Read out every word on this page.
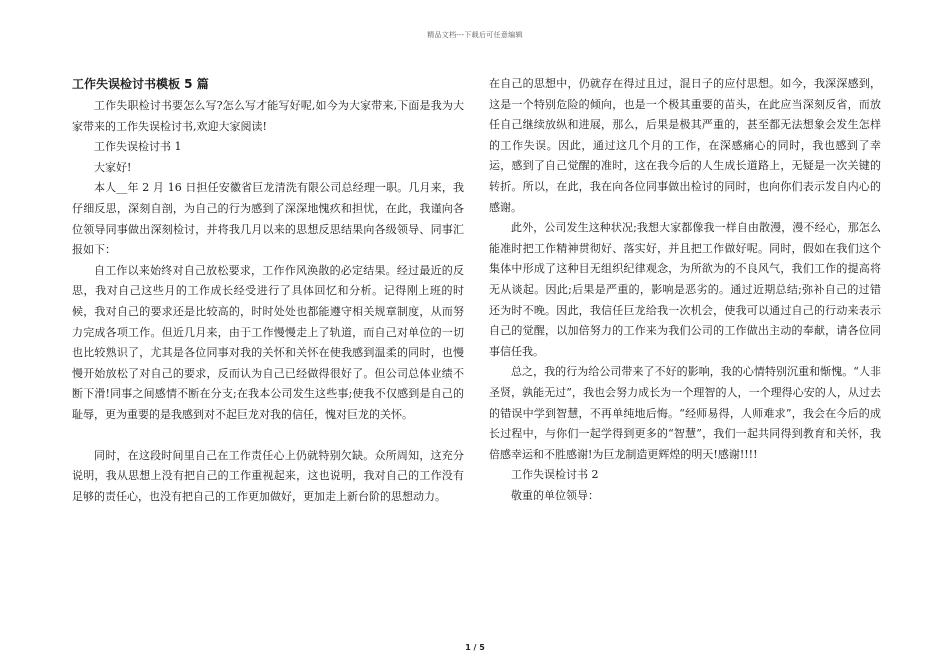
精品文档---下载后可任意编辑
工作失误检讨书模板 5 篇

工作失职检讨书要怎么写?怎么写才能写好呢,如今为大家带来,下面是我为大家带来的工作失误检讨书,欢迎大家阅读!

工作失误检讨书 1

大家好!

本人__年 2 月 16 日担任安徽省巨龙清洗有限公司总经理一职。几月来，我仔细反思，深刻自剖，为自己的行为感到了深深地愧疚和担忧，在此，我谨向各位领导同事做出深刻检讨，并将我几月以来的思想反思结果向各级领导、同事汇报如下：

自工作以来始终对自己放松要求，工作作风涣散的必定结果。经过最近的反思，我对自己这些月的工作成长经受进行了具体回忆和分析。记得刚上班的时候，我对自己的要求还是比较高的，时时处处也都能遵守相关规章制度，从而努力完成各项工作。但近几月来，由于工作慢慢走上了轨道，而自己对单位的一切也比较熟识了，尤其是各位同事对我的关怀和关怀在使我感到温柔的同时，也慢慢开始放松了对自己的要求，反而认为自己已经做得很好了。但公司总体业绩不断下滑!同事之间感情不断在分支;在我本公司发生这些事;使我不仅感到是自己的耻辱，更为重要的是我感到对不起巨龙对我的信任，愧对巨龙的关怀。

同时，在这段时间里自己在工作责任心上仍就特别欠缺。众所周知，这充分说明，我从思想上没有把自己的工作重视起来，这也说明，我对自己的工作没有足够的责任心，也没有把自己的工作更加做好，更加走上新台阶的思想动力。

在自己的思想中，仍就存在得过且过，混日子的应付思想。如今，我深深感到，这是一个特别危险的倾向，也是一个极其重要的苗头，在此应当深刻反省，而放任自己继续放纵和进展，那么，后果是极其严重的，甚至都无法想象会发生怎样的工作失误。因此，通过这几个月的工作，在深感痛心的同时，我也感到了幸运，感到了自己觉醒的准时，这在我今后的人生成长道路上，无疑是一次关键的转折。所以，在此，我在向各位同事做出检讨的同时，也向你们表示发自内心的感谢。

此外，公司发生这种状况;我想大家都像我一样自由散漫，漫不经心，那怎么能准时把工作精神贯彻好、落实好，并且把工作做好呢。同时，假如在我们这个集体中形成了这种目无组织纪律观念，为所欲为的不良风气，我们工作的提高将无从谈起。因此;后果是严重的，影响是恶劣的。通过近期总结;弥补自己的过错还为时不晚。因此，我信任巨龙给我一次机会，使我可以通过自己的行动来表示自己的觉醒，以加倍努力的工作来为我们公司的工作做出主动的奉献，请各位同事信任我。

总之，我的行为给公司带来了不好的影响，我的心情特别沉重和惭愧。“人非圣贤，孰能无过”，我也会努力成长为一个理智的人，一个理得心安的人，从过去的错误中学到智慧，不再单纯地后悔。“经师易得，人师难求”，我会在今后的成长过程中，与你们一起学得到更多的“智慧”，我们一起共同得到教育和关怀，我倍感幸运和不胜感谢!为巨龙制造更辉煌的明天!感谢!!!!

工作失误检讨书 2

敬重的单位领导：

1 / 5
